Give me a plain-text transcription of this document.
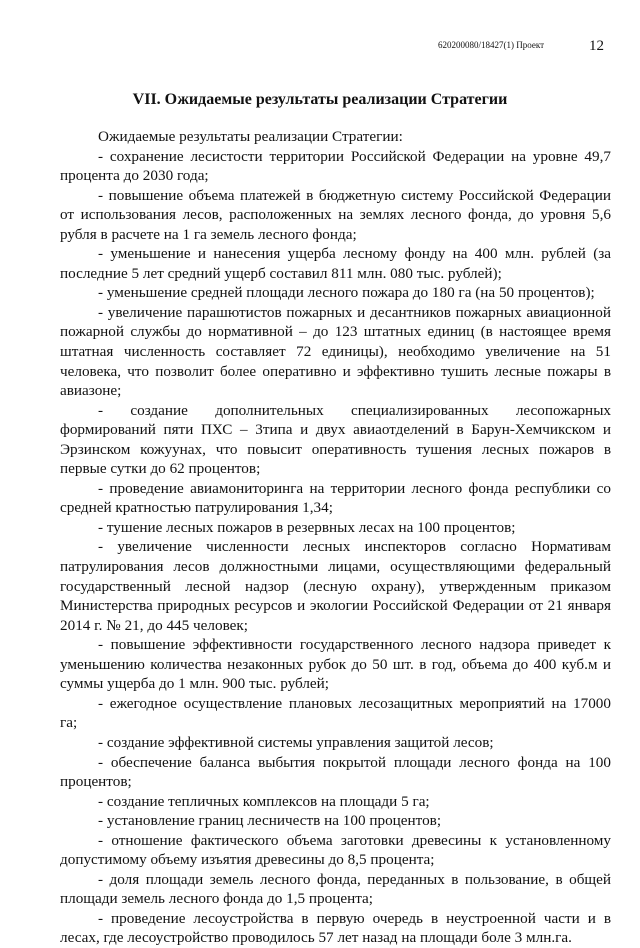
620200080/18427(1) Проект	12
VII. Ожидаемые результаты реализации Стратегии

Ожидаемые результаты реализации Стратегии:

- сохранение лесистости территории Российской Федерации на уровне 49,7 процента до 2030 года;

- повышение объема платежей в бюджетную систему Российской Федерации от использования лесов, расположенных на землях лесного фонда, до уровня 5,6 рубля в расчете на 1 га земель лесного фонда;

- уменьшение и нанесения ущерба лесному фонду на 400 млн. рублей (за последние 5 лет средний ущерб составил 811 млн. 080 тыс. рублей);

- уменьшение средней площади лесного пожара до 180 га (на 50 процентов);

- увеличение парашютистов пожарных и десантников пожарных авиационной пожарной службы до нормативной – до 123 штатных единиц (в настоящее время штатная численность составляет 72 единицы), необходимо увеличение на 51 человека, что позволит более оперативно и эффективно тушить лесные пожары в авиазоне;

- создание дополнительных специализированных лесопожарных формирований пяти ПХС – 3типа и двух авиаотделений в Барун-Хемчикском и Эрзинском кожуунах, что повысит оперативность тушения лесных пожаров в первые сутки до 62 процентов;

- проведение авиамониторинга на территории лесного фонда республики со средней кратностью патрулирования 1,34;

- тушение лесных пожаров в резервных лесах на 100 процентов;

- увеличение численности лесных инспекторов согласно Нормативам патрулирования лесов должностными лицами, осуществляющими федеральный государственный лесной надзор (лесную охрану), утвержденным приказом Министерства природных ресурсов и экологии Российской Федерации от 21 января 2014 г. № 21, до 445 человек;

- повышение эффективности государственного лесного надзора приведет к уменьшению количества незаконных рубок до 50 шт. в год, объема до 400 куб.м и суммы ущерба до 1 млн. 900 тыс. рублей;

- ежегодное осуществление плановых лесозащитных мероприятий на 17000 га;

- создание эффективной системы управления защитой лесов;

- обеспечение баланса выбытия покрытой площади лесного фонда на 100 процентов;

- создание тепличных комплексов на площади 5 га;

- установление границ лесничеств на 100 процентов;

- отношение фактического объема заготовки древесины к установленному допустимому объему изъятия древесины до 8,5 процента;

- доля площади земель лесного фонда, переданных в пользование, в общей площади земель лесного фонда до 1,5 процента;

- проведение лесоустройства в первую очередь в неустроенной части и в лесах, где лесоустройство проводилось 57 лет назад на площади боле 3 млн.га.
